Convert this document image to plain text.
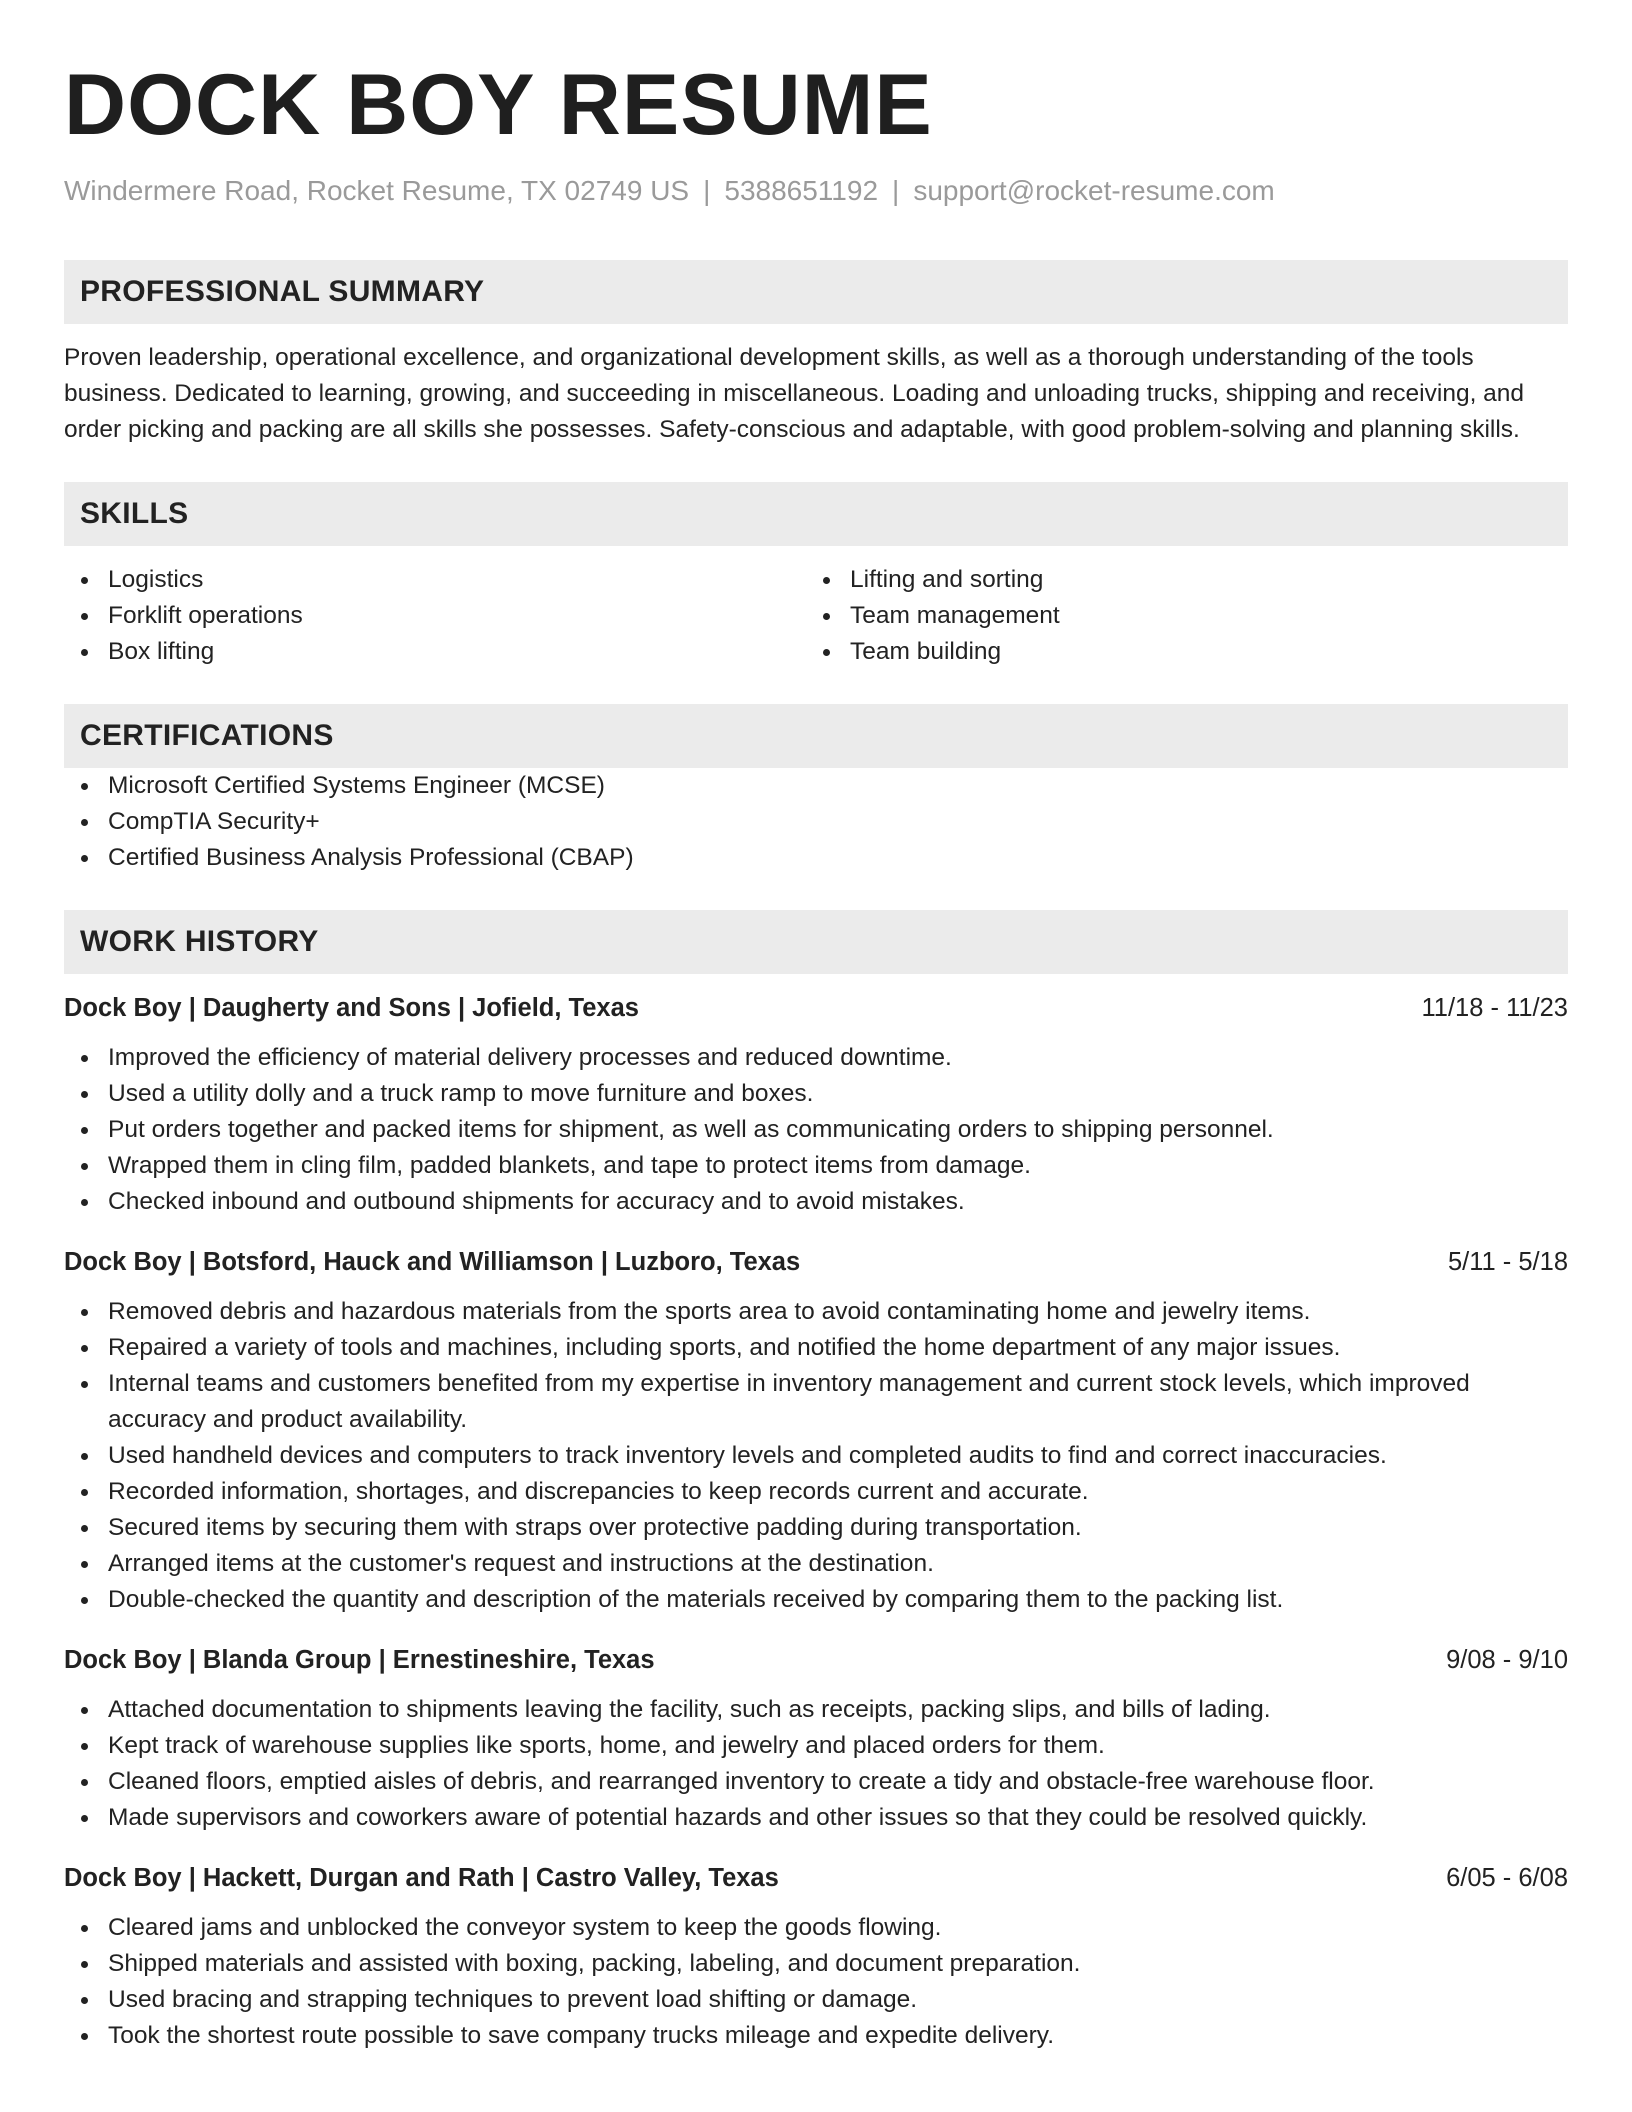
DOCK BOY RESUME
Windermere Road, Rocket Resume, TX 02749 US | 5388651192 | support@rocket-resume.com
PROFESSIONAL SUMMARY

Proven leadership, operational excellence, and organizational development skills, as well as a thorough understanding of the tools business. Dedicated to learning, growing, and succeeding in miscellaneous. Loading and unloading trucks, shipping and receiving, and order picking and packing are all skills she possesses. Safety-conscious and adaptable, with good problem-solving and planning skills.

SKILLS
Logistics
Forklift operations
Box lifting
Lifting and sorting
Team management
Team building
CERTIFICATIONS
Microsoft Certified Systems Engineer (MCSE)
CompTIA Security+
Certified Business Analysis Professional (CBAP)
WORK HISTORY
Dock Boy | Daugherty and Sons | Jofield, Texas	11/18 - 11/23
Improved the efficiency of material delivery processes and reduced downtime.
Used a utility dolly and a truck ramp to move furniture and boxes.
Put orders together and packed items for shipment, as well as communicating orders to shipping personnel.
Wrapped them in cling film, padded blankets, and tape to protect items from damage.
Checked inbound and outbound shipments for accuracy and to avoid mistakes.
Dock Boy | Botsford, Hauck and Williamson | Luzboro, Texas	5/11 - 5/18
Removed debris and hazardous materials from the sports area to avoid contaminating home and jewelry items.
Repaired a variety of tools and machines, including sports, and notified the home department of any major issues.
Internal teams and customers benefited from my expertise in inventory management and current stock levels, which improved accuracy and product availability.
Used handheld devices and computers to track inventory levels and completed audits to find and correct inaccuracies.
Recorded information, shortages, and discrepancies to keep records current and accurate.
Secured items by securing them with straps over protective padding during transportation.
Arranged items at the customer's request and instructions at the destination.
Double-checked the quantity and description of the materials received by comparing them to the packing list.
Dock Boy | Blanda Group | Ernestineshire, Texas	9/08 - 9/10
Attached documentation to shipments leaving the facility, such as receipts, packing slips, and bills of lading.
Kept track of warehouse supplies like sports, home, and jewelry and placed orders for them.
Cleaned floors, emptied aisles of debris, and rearranged inventory to create a tidy and obstacle-free warehouse floor.
Made supervisors and coworkers aware of potential hazards and other issues so that they could be resolved quickly.
Dock Boy | Hackett, Durgan and Rath | Castro Valley, Texas	6/05 - 6/08
Cleared jams and unblocked the conveyor system to keep the goods flowing.
Shipped materials and assisted with boxing, packing, labeling, and document preparation.
Used bracing and strapping techniques to prevent load shifting or damage.
Took the shortest route possible to save company trucks mileage and expedite delivery.
